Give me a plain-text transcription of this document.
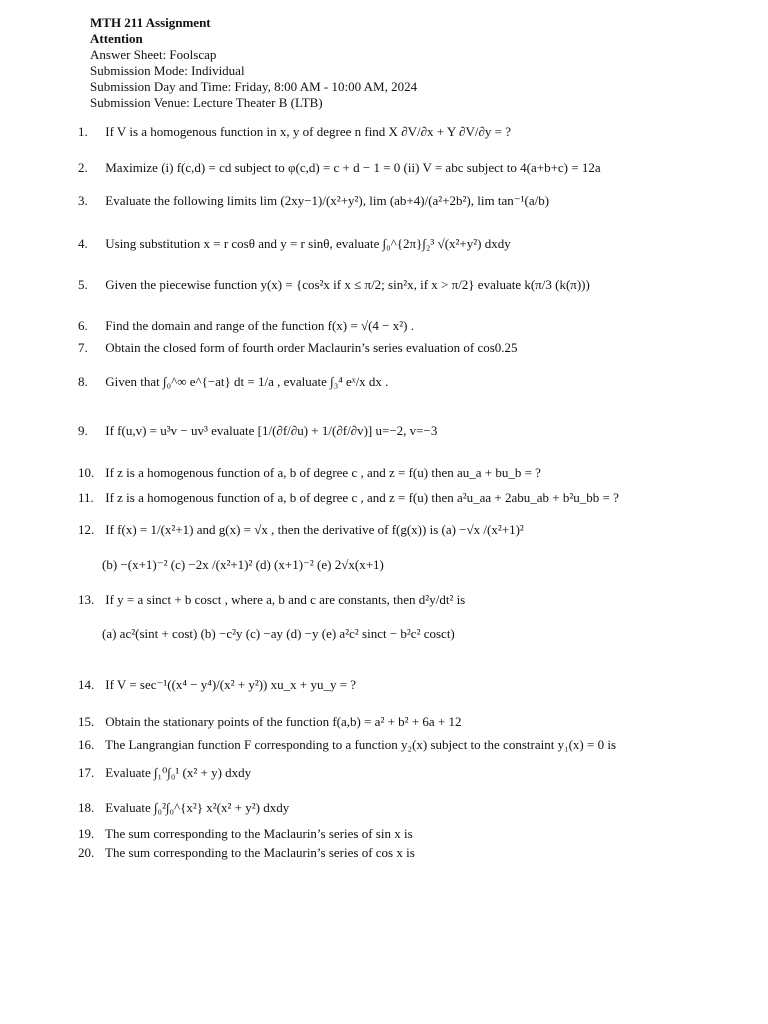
MTH 211 Assignment
Attention
Answer Sheet: Foolscap
Submission Mode: Individual
Submission Day and Time: Friday, 8:00 AM - 10:00 AM, 2024
Submission Venue: Lecture Theater B (LTB)
1. If V is a homogenous function in x, y of degree n find X ∂V/∂x + Y ∂V/∂y = ?
2. Maximize (i) f(c,d) = cd subject to φ(c,d) = c + d − 1 = 0 (ii) V = abc subject to 4(a+b+c) = 12a
3. Evaluate the following limits lim (2xy−1)/(x²+y²), lim (ab+4)/(a²+2b²), lim tan⁻¹(a/b)
4. Using substitution x = r cosθ and y = r sinθ, evaluate ∫₀^{2π}∫₂³ √(x²+y²) dxdy
5. Given the piecewise function y(x) = {cos²x if x ≤ π/2; sin²x, if x > π/2} evaluate k(π/3 (k(π)))
6. Find the domain and range of the function f(x) = √(4 − x²) .
7. Obtain the closed form of fourth order Maclaurin’s series evaluation of cos0.25
8. Given that ∫₀^∞ e^{−at} dt = 1/a , evaluate ∫₃⁴ eˣ/x dx .
9. If f(u,v) = u³v − uv³ evaluate [1/(∂f/∂u) + 1/(∂f/∂v)] u=−2, v=−3
10. If z is a homogenous function of a, b of degree c , and z = f(u) then au_a + bu_b = ?
11. If z is a homogenous function of a, b of degree c , and z = f(u) then a²u_aa + 2abu_ab + b²u_bb = ?
12. If f(x) = 1/(x²+1) and g(x) = √x , then the derivative of f(g(x)) is (a) −√x /(x²+1)²
(b) −(x+1)⁻² (c) −2x /(x²+1)² (d) (x+1)⁻² (e) 2√x(x+1)
13. If y = a sinct + b cosct , where a, b and c are constants, then d²y/dt² is
(a) ac²(sint + cost) (b) −c²y (c) −ay (d) −y (e) a²c² sinct − b²c² cosct)
14. If V = sec⁻¹((x⁴ − y⁴)/(x² + y²)) xu_x + yu_y = ?
15. Obtain the stationary points of the function f(a,b) = a² + b² + 6a + 12
16. The Langrangian function F corresponding to a function y₂(x) subject to the constraint y₁(x) = 0 is
17. Evaluate ∫₁⁰∫₀¹ (x² + y) dxdy
18. Evaluate ∫₀²∫₀^{x²} x²(x² + y²) dxdy
19. The sum corresponding to the Maclaurin’s series of sin x is
20. The sum corresponding to the Maclaurin’s series of cos x is
